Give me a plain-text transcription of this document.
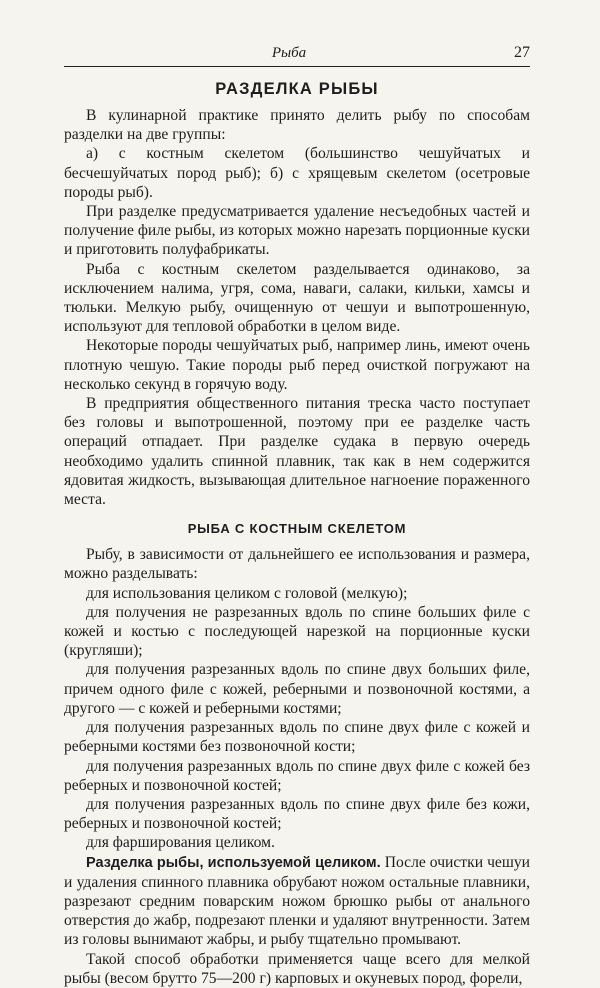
Рыба	27
РАЗДЕЛКА РЫБЫ

В кулинарной практике принято делить рыбу по способам разделки на две группы:

а) с костным скелетом (большинство чешуйчатых и бесчешуйчатых пород рыб); б) с хрящевым скелетом (осетровые породы рыб).

При разделке предусматривается удаление несъедобных частей и получение филе рыбы, из которых можно нарезать порционные куски и приготовить полуфабрикаты.

Рыба с костным скелетом разделывается одинаково, за исключением налима, угря, сома, наваги, салаки, кильки, хамсы и тюльки. Мелкую рыбу, очищенную от чешуи и выпотрошенную, используют для тепловой обработки в целом виде.

Некоторые породы чешуйчатых рыб, например линь, имеют очень плотную чешую. Такие породы рыб перед очисткой погружают на несколько секунд в горячую воду.

В предприятия общественного питания треска часто поступает без головы и выпотрошенной, поэтому при ее разделке часть операций отпадает. При разделке судака в первую очередь необходимо удалить спинной плавник, так как в нем содержится ядовитая жидкость, вызывающая длительное нагноение пораженного места.

РЫБА С КОСТНЫМ СКЕЛЕТОМ

Рыбу, в зависимости от дальнейшего ее использования и размера, можно разделывать:

для использования целиком с головой (мелкую);

для получения не разрезанных вдоль по спине больших филе с кожей и костью с последующей нарезкой на порционные куски (кругляши);

для получения разрезанных вдоль по спине двух больших филе, причем одного филе с кожей, реберными и позвоночной костями, а другого — с кожей и реберными костями;

для получения разрезанных вдоль по спине двух филе с кожей и реберными костями без позвоночной кости;

для получения разрезанных вдоль по спине двух филе с кожей без реберных и позвоночной костей;

для получения разрезанных вдоль по спине двух филе без кожи, реберных и позвоночной костей;

для фарширования целиком.

Разделка рыбы, используемой целиком. После очистки чешуи и удаления спинного плавника обрубают ножом остальные плавники, разрезают средним поварским ножом брюшко рыбы от анального отверстия до жабр, подрезают пленки и удаляют внутренности. Затем из головы вынимают жабры, и рыбу тщательно промывают.

Такой способ обработки применяется чаще всего для мелкой рыбы (весом брутто 75—200 г) карповых и окуневых пород, форели,
